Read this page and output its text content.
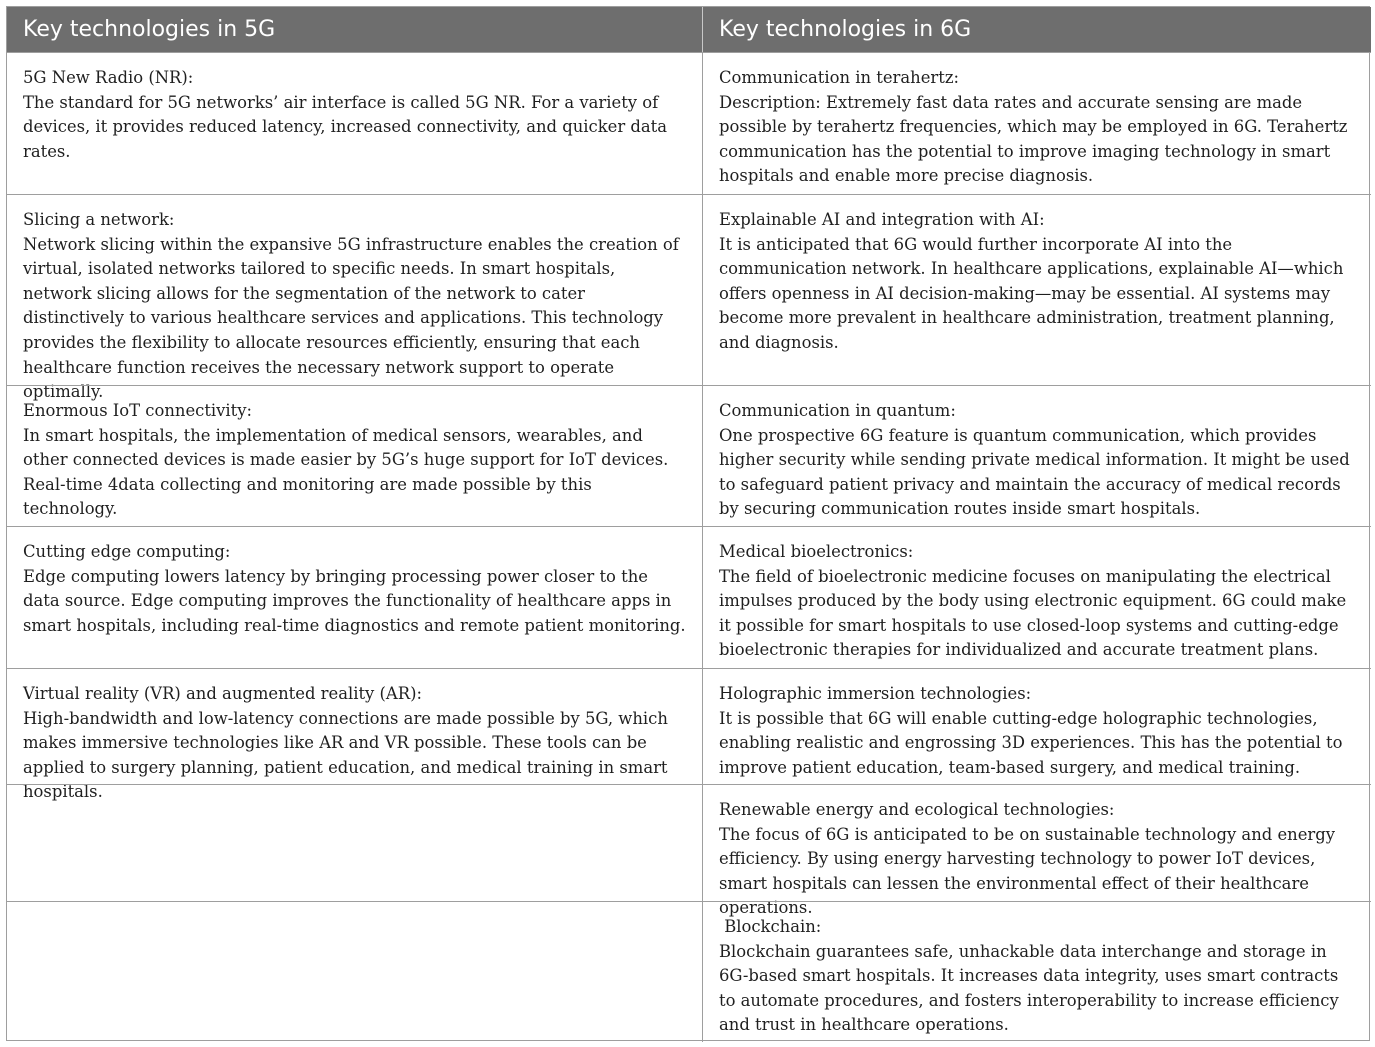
Key technologies in 5G	Key technologies in 6G
5G New Radio (NR):
The standard for 5G networks’ air interface is called 5G NR. For a variety of devices, it provides reduced latency, increased connectivity, and quicker data rates.
Communication in terahertz:
Description: Extremely fast data rates and accurate sensing are made possible by terahertz frequencies, which may be employed in 6G. Terahertz communication has the potential to improve imaging technology in smart hospitals and enable more precise diagnosis.
Slicing a network:
Network slicing within the expansive 5G infrastructure enables the creation of virtual, isolated networks tailored to specific needs. In smart hospitals, network slicing allows for the segmentation of the network to cater distinctively to various healthcare services and applications. This technology provides the flexibility to allocate resources efficiently, ensuring that each healthcare function receives the necessary network support to operate optimally.
Explainable AI and integration with AI:
It is anticipated that 6G would further incorporate AI into the communication network. In healthcare applications, explainable AI—which offers openness in AI decision-making—may be essential. AI systems may become more prevalent in healthcare administration, treatment planning, and diagnosis.
Enormous IoT connectivity:
In smart hospitals, the implementation of medical sensors, wearables, and other connected devices is made easier by 5G’s huge support for IoT devices. Real-time 4data collecting and monitoring are made possible by this technology.
Communication in quantum:
One prospective 6G feature is quantum communication, which provides higher security while sending private medical information. It might be used to safeguard patient privacy and maintain the accuracy of medical records by securing communication routes inside smart hospitals.
Cutting edge computing:
Edge computing lowers latency by bringing processing power closer to the data source. Edge computing improves the functionality of healthcare apps in smart hospitals, including real-time diagnostics and remote patient monitoring.
Medical bioelectronics:
The field of bioelectronic medicine focuses on manipulating the electrical impulses produced by the body using electronic equipment. 6G could make it possible for smart hospitals to use closed-loop systems and cutting-edge bioelectronic therapies for individualized and accurate treatment plans.
Virtual reality (VR) and augmented reality (AR):
High-bandwidth and low-latency connections are made possible by 5G, which makes immersive technologies like AR and VR possible. These tools can be applied to surgery planning, patient education, and medical training in smart hospitals.
Holographic immersion technologies:
It is possible that 6G will enable cutting-edge holographic technologies, enabling realistic and engrossing 3D experiences. This has the potential to improve patient education, team-based surgery, and medical training.
Renewable energy and ecological technologies:
The focus of 6G is anticipated to be on sustainable technology and energy efficiency. By using energy harvesting technology to power IoT devices, smart hospitals can lessen the environmental effect of their healthcare operations.
Blockchain:
Blockchain guarantees safe, unhackable data interchange and storage in 6G-based smart hospitals. It increases data integrity, uses smart contracts to automate procedures, and fosters interoperability to increase efficiency and trust in healthcare operations.
